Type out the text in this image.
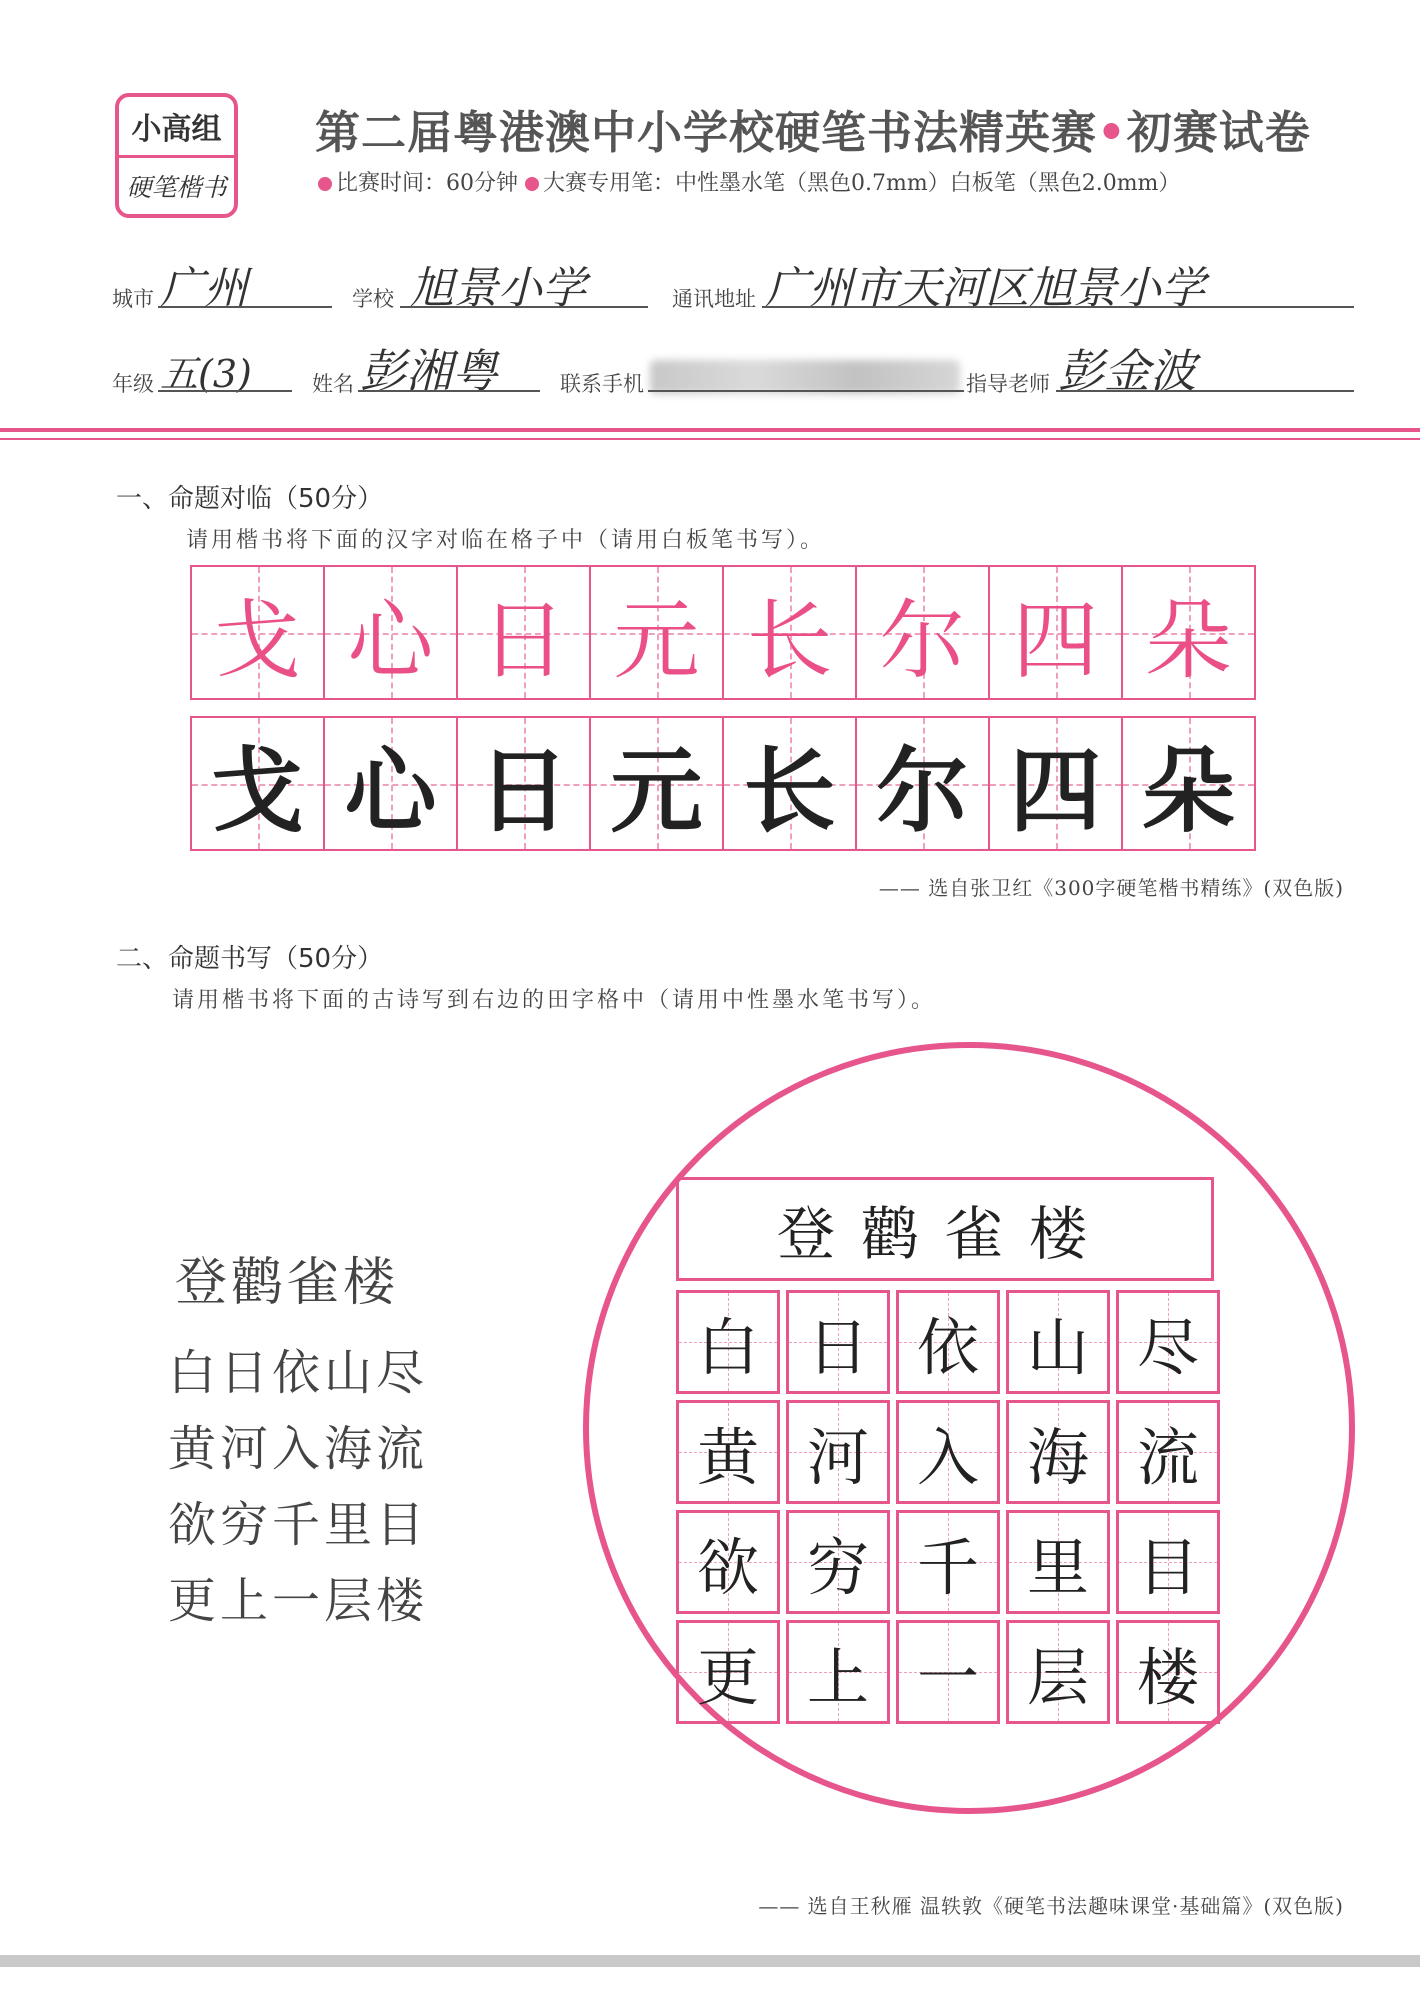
小高组
硬笔楷书
第二届粤港澳中小学校硬笔书法精英赛•初赛试卷
比赛时间：60分钟 大赛专用笔：中性墨水笔（黑色0.7mm）白板笔（黑色2.0mm）
城市 广州	学校 旭景小学	通讯地址 广州市天河区旭景小学
年级 五(3)	姓名 彭湘粤	联系手机	指导老师 彭金波
一、命题对临（50分）
请用楷书将下面的汉字对临在格子中（请用白板笔书写）。
戈 心 日 元 长 尔 四 朵
戈 心 日 元 长 尔 四 朵
—— 选自张卫红《300字硬笔楷书精练》(双色版)
二、命题书写（50分）
请用楷书将下面的古诗写到右边的田字格中（请用中性墨水笔书写）。
登鹳雀楼
白日依山尽
黄河入海流
欲穷千里目
更上一层楼
登鹳雀楼
白 日 依 山 尽
黄 河 入 海 流
欲 穷 千 里 目
更 上 一 层 楼
—— 选自王秋雁 温轶敦《硬笔书法趣味课堂·基础篇》(双色版)
